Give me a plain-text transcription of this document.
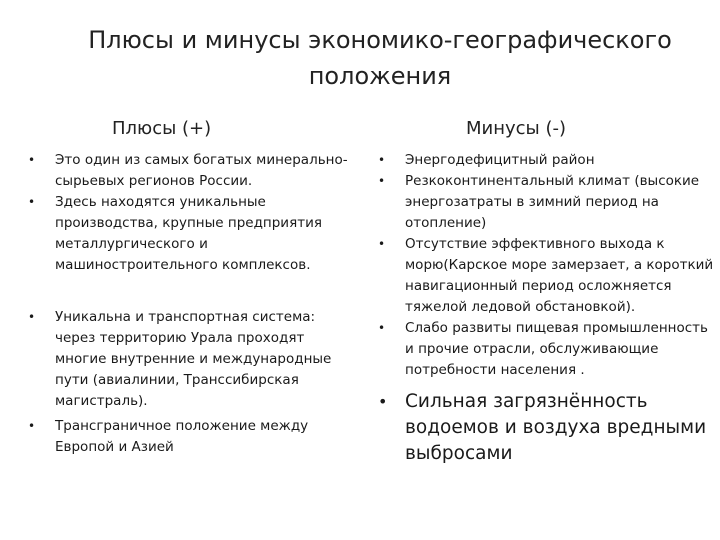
Плюсы и минусы экономико-географического
положения
Плюсы (+)	Минусы (-)
• Это один из самых богатых минерально-сырьевых регионов России.
• Здесь находятся уникальные производства, крупные предприятия металлургического и машиностроительного комплексов.
• Уникальна и транспортная система: через территорию Урала проходят многие внутренние и международные пути (авиалинии, Транссибирская магистраль).
• Трансграничное положение между Европой и Азией
• Энергодефицитный район
• Резкоконтинентальный климат (высокие энергозатраты в зимний период на отопление)
• Отсутствие эффективного выхода к морю(Карское море замерзает, а короткий навигационный период осложняется тяжелой ледовой обстановкой).
• Слабо развиты пищевая промышленность и прочие отрасли, обслуживающие потребности населения .
• Сильная загрязнённость водоемов и воздуха вредными выбросами
